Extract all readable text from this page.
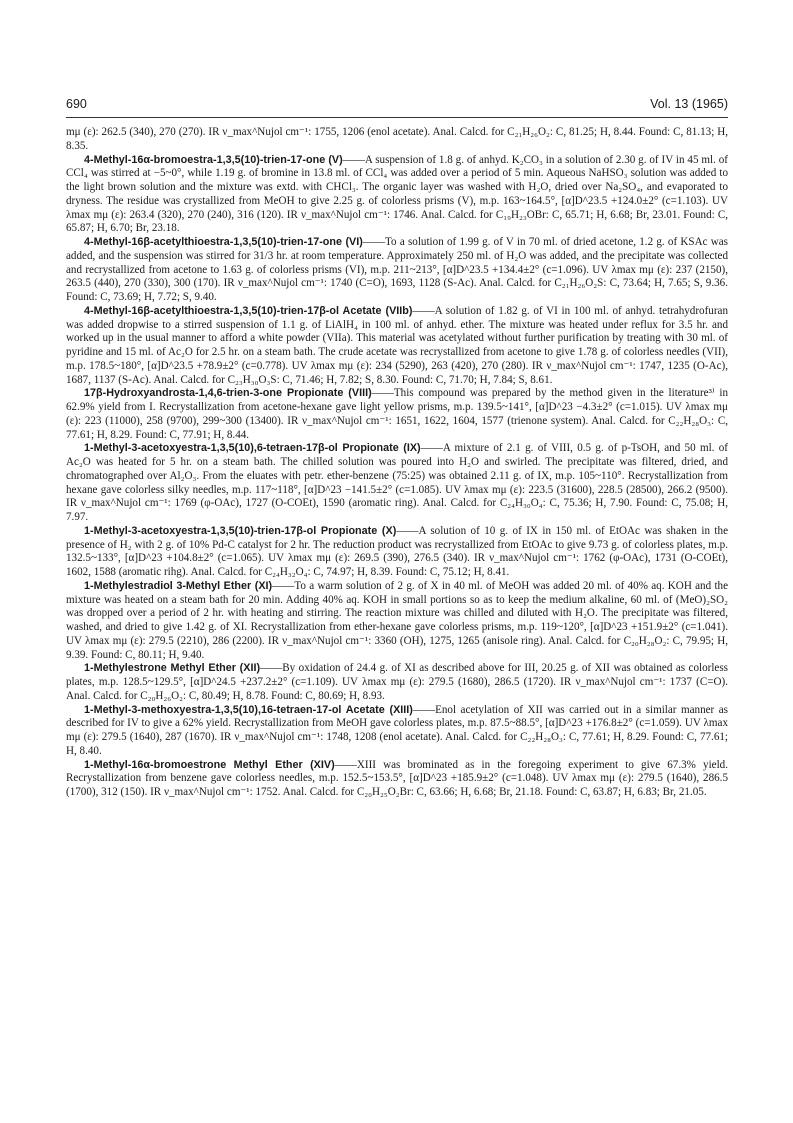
690	Vol. 13 (1965)

mμ (ε): 262.5 (340), 270 (270). IR ν_max^Nujol cm⁻¹: 1755, 1206 (enol acetate). Anal. Calcd. for C₂₁H₂₆O₂: C, 81.25; H, 8.44. Found: C, 81.13; H, 8.35.

4-Methyl-16α-bromoestra-1,3,5(10)-trien-17-one (V)——A suspension of 1.8 g. of anhyd. K₂CO₃ in a solution of 2.30 g. of IV in 45 ml. of CCl₄ was stirred at −5~0°, while 1.19 g. of bromine in 13.8 ml. of CCl₄ was added over a period of 5 min. Aqueous NaHSO₃ solution was added to the light brown solution and the mixture was extd. with CHCl₃. The organic layer was washed with H₂O, dried over Na₂SO₄, and evaporated to dryness. The residue was crystallized from MeOH to give 2.25 g. of colorless prisms (V), m.p. 163~164.5°, [α]D^23.5 +124.0±2° (c=1.103). UV λmax mμ (ε): 263.4 (320), 270 (240), 316 (120). IR ν_max^Nujol cm⁻¹: 1746. Anal. Calcd. for C₁₉H₂₃OBr: C, 65.71; H, 6.68; Br, 23.01. Found: C, 65.87; H, 6.70; Br, 23.18.

4-Methyl-16β-acetylthioestra-1,3,5(10)-trien-17-one (VI)——To a solution of 1.99 g. of V in 70 ml. of dried acetone, 1.2 g. of KSAc was added, and the suspension was stirred for 31/3 hr. at room temperature. Approximately 250 ml. of H₂O was added, and the precipitate was collected and recrystallized from acetone to 1.63 g. of colorless prisms (VI), m.p. 211~213°, [α]D^23.5 +134.4±2° (c=1.096). UV λmax mμ (ε): 237 (2150), 263.5 (440), 270 (330), 300 (170). IR ν_max^Nujol cm⁻¹: 1740 (C=O), 1693, 1128 (S-Ac). Anal. Calcd. for C₂₁H₂₆O₂S: C, 73.64; H, 7.65; S, 9.36. Found: C, 73.69; H, 7.72; S, 9.40.

4-Methyl-16β-acetylthioestra-1,3,5(10)-trien-17β-ol Acetate (VIIb)——A solution of 1.82 g. of VI in 100 ml. of anhyd. tetrahydrofuran was added dropwise to a stirred suspension of 1.1 g. of LiAlH₄ in 100 ml. of anhyd. ether. The mixture was heated under reflux for 3.5 hr. and worked up in the usual manner to afford a white powder (VIIa). This material was acetylated without further purification by treating with 30 ml. of pyridine and 15 ml. of Ac₂O for 2.5 hr. on a steam bath. The crude acetate was recrystallized from acetone to give 1.78 g. of colorless needles (VII), m.p. 178.5~180°, [α]D^23.5 +78.9±2° (c=0.778). UV λmax mμ (ε): 234 (5290), 263 (420), 270 (280). IR ν_max^Nujol cm⁻¹: 1747, 1235 (O-Ac), 1687, 1137 (S-Ac). Anal. Calcd. for C₂₃H₃₀O₃S: C, 71.46; H, 7.82; S, 8.30. Found: C, 71.70; H, 7.84; S, 8.61.

17β-Hydroxyandrosta-1,4,6-trien-3-one Propionate (VIII)——This compound was prepared by the method given in the literature³⁾ in 62.9% yield from I. Recrystallization from acetone-hexane gave light yellow prisms, m.p. 139.5~141°, [α]D^23 −4.3±2° (c=1.015). UV λmax mμ (ε): 223 (11000), 258 (9700), 299~300 (13400). IR ν_max^Nujol cm⁻¹: 1651, 1622, 1604, 1577 (trienone system). Anal. Calcd. for C₂₂H₂₈O₃: C, 77.61; H, 8.29. Found: C, 77.91; H, 8.44.

1-Methyl-3-acetoxyestra-1,3,5(10),6-tetraen-17β-ol Propionate (IX)——A mixture of 2.1 g. of VIII, 0.5 g. of p-TsOH, and 50 ml. of Ac₂O was heated for 5 hr. on a steam bath. The chilled solution was poured into H₂O and swirled. The precipitate was filtered, dried, and chromatographed over Al₂O₃. From the eluates with petr. ether-benzene (75:25) was obtained 2.11 g. of IX, m.p. 105~110°. Recrystallization from hexane gave colorless silky needles, m.p. 117~118°, [α]D^23 −141.5±2° (c=1.085). UV λmax mμ (ε): 223.5 (31600), 228.5 (28500), 266.2 (9500). IR ν_max^Nujol cm⁻¹: 1769 (φ-OAc), 1727 (O-COEt), 1590 (aromatic ring). Anal. Calcd. for C₂₄H₃₀O₄: C, 75.36; H, 7.90. Found: C, 75.08; H, 7.97.

1-Methyl-3-acetoxyestra-1,3,5(10)-trien-17β-ol Propionate (X)——A solution of 10 g. of IX in 150 ml. of EtOAc was shaken in the presence of H₂ with 2 g. of 10% Pd-C catalyst for 2 hr. The reduction product was recrystallized from EtOAc to give 9.73 g. of colorless plates, m.p. 132.5~133°, [α]D^23 +104.8±2° (c=1.065). UV λmax mμ (ε): 269.5 (390), 276.5 (340). IR ν_max^Nujol cm⁻¹: 1762 (φ-OAc), 1731 (O-COEt), 1602, 1588 (aromatic rihg). Anal. Calcd. for C₂₄H₃₂O₄: C, 74.97; H, 8.39. Found: C, 75.12; H, 8.41.

1-Methylestradiol 3-Methyl Ether (XI)——To a warm solution of 2 g. of X in 40 ml. of MeOH was added 20 ml. of 40% aq. KOH and the mixture was heated on a steam bath for 20 min. Adding 40% aq. KOH in small portions so as to keep the medium alkaline, 60 ml. of (MeO)₂SO₂ was dropped over a period of 2 hr. with heating and stirring. The reaction mixture was chilled and diluted with H₂O. The precipitate was filtered, washed, and dried to give 1.42 g. of XI. Recrystallization from ether-hexane gave colorless prisms, m.p. 119~120°, [α]D^23 +151.9±2° (c=1.041). UV λmax mμ (ε): 279.5 (2210), 286 (2200). IR ν_max^Nujol cm⁻¹: 3360 (OH), 1275, 1265 (anisole ring). Anal. Calcd. for C₂₀H₂₈O₂: C, 79.95; H, 9.39. Found: C, 80.11; H, 9.40.

1-Methylestrone Methyl Ether (XII)——By oxidation of 24.4 g. of XI as described above for III, 20.25 g. of XII was obtained as colorless plates, m.p. 128.5~129.5°, [α]D^24.5 +237.2±2° (c=1.109). UV λmax mμ (ε): 279.5 (1680), 286.5 (1720). IR ν_max^Nujol cm⁻¹: 1737 (C=O). Anal. Calcd. for C₂₀H₂₆O₂: C, 80.49; H, 8.78. Found: C, 80.69; H, 8.93.

1-Methyl-3-methoxyestra-1,3,5(10),16-tetraen-17-ol Acetate (XIII)——Enol acetylation of XII was carried out in a similar manner as described for IV to give a 62% yield. Recrystallization from MeOH gave colorless plates, m.p. 87.5~88.5°, [α]D^23 +176.8±2° (c=1.059). UV λmax mμ (ε): 279.5 (1640), 287 (1670). IR ν_max^Nujol cm⁻¹: 1748, 1208 (enol acetate). Anal. Calcd. for C₂₂H₂₈O₃: C, 77.61; H, 8.29. Found: C, 77.61; H, 8.40.

1-Methyl-16α-bromoestrone Methyl Ether (XIV)——XIII was brominated as in the foregoing experiment to give 67.3% yield. Recrystallization from benzene gave colorless needles, m.p. 152.5~153.5°, [α]D^23 +185.9±2° (c=1.048). UV λmax mμ (ε): 279.5 (1640), 286.5 (1700), 312 (150). IR ν_max^Nujol cm⁻¹: 1752. Anal. Calcd. for C₂₀H₂₅O₂Br: C, 63.66; H, 6.68; Br, 21.18. Found: C, 63.87; H, 6.83; Br, 21.05.
